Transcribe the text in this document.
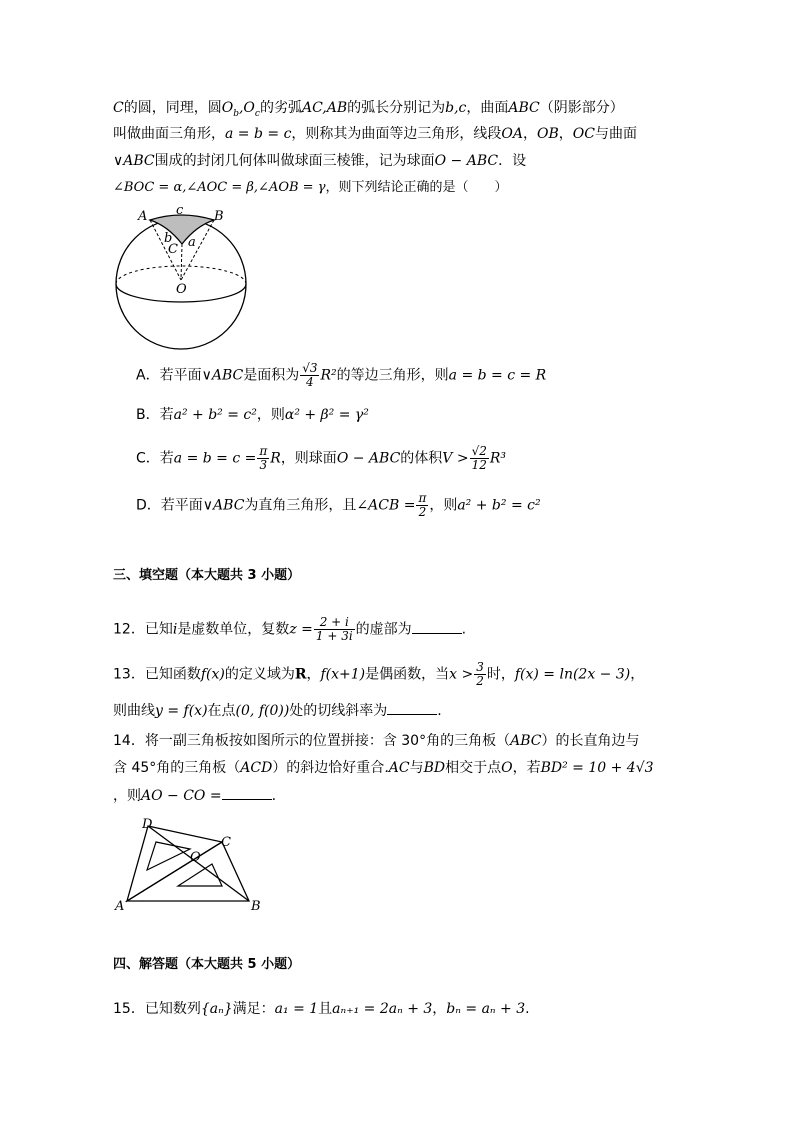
C的圆，同理，圆$O_b,O_c$的劣弧AC,AB的弧长分别记为b,c，曲面ABC（阴影部分）
叫做曲面三角形，a = b = c，则称其为曲面等边三角形，线段OA，OB，OC与曲面
∨ABC围成的封闭几何体叫做球面三棱锥，记为球面O − ABC．设
∠BOC = α,∠AOC = β,∠AOB = γ，则下列结论正确的是（　　）
A	B
c
b a
C
O
A．若平面∨ABC是面积为 $\frac{√3}{4} R^2$的等边三角形，则a = b = c = R
B．若a² + b² = c²，则α² + β² = γ²
C．若$a = b = c = \frac{\pi}{3}$ R，则球面O − ABC的体积$V > \frac{√2}{12} R^3$
D．若平面∨ABC为直角三角形，且∠ACB = $\frac{\pi}{2}$ ，则a² + b² = c²
三、填空题（本大题共 3 小题）
12．已知i是虚数单位，复数$z = \frac{2 + i}{1 + 3i}$ 的虚部为	.
13．已知函数f(x)的定义域为R，f(x+1)是偶函数，当$x > \frac{3}{2}$ 时，f(x) = ln(2x − 3)，
则曲线y = f(x)在点(0, f(0))处的切线斜率为	.
14．将一副三角板按如图所示的位置拼接：含 30°角的三角板（ABC）的长直角边与
含 45°角的三角板（ACD）的斜边恰好重合.AC与BD相交于点O，若BD² = 10 + 4√3
，则AO − CO =	.
A	B
C
D
O
四、解答题（本大题共 5 小题）
15．已知数列{aₙ}满足：a₁ = 1且aₙ₊₁ = 2aₙ + 3，bₙ = aₙ + 3.
